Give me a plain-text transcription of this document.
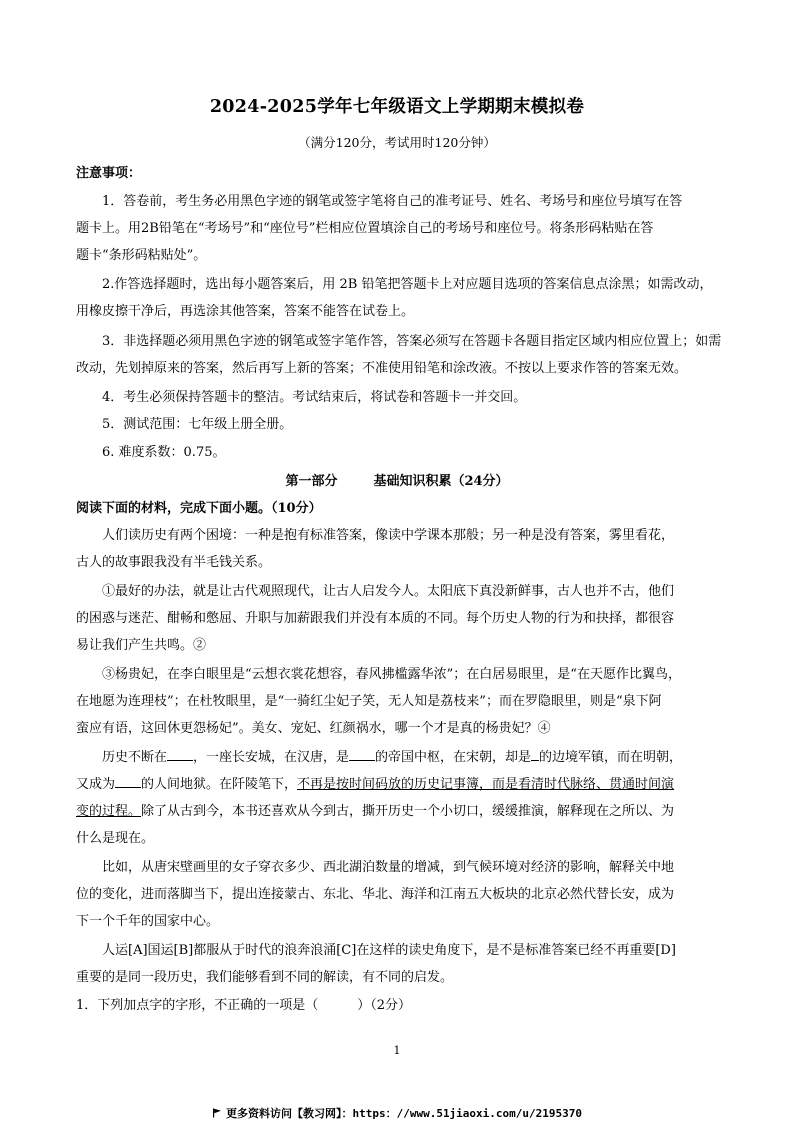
2024-2025学年七年级语文上学期期末模拟卷
（满分120分，考试用时120分钟）
注意事项：
1．答卷前，考生务必用黑色字迹的钢笔或签字笔将自己的准考证号、姓名、考场号和座位号填写在答
题卡上。用2B铅笔在“考场号”和“座位号”栏相应位置填涂自己的考场号和座位号。将条形码粘贴在答
题卡“条形码粘贴处”。
2.作答选择题时，选出每小题答案后，用 2B 铅笔把答题卡上对应题目选项的答案信息点涂黑；如需改动，
用橡皮擦干净后，再选涂其他答案，答案不能答在试卷上。
3．非选择题必须用黑色字迹的钢笔或签字笔作答，答案必须写在答题卡各题目指定区域内相应位置上；如需
改动，先划掉原来的答案，然后再写上新的答案；不准使用铅笔和涂改液。不按以上要求作答的答案无效。
4．考生必须保持答题卡的整洁。考试结束后，将试卷和答题卡一并交回。
5．测试范围：七年级上册全册。
6. 难度系数：0.75。
第一部分	基础知识积累（24分）
阅读下面的材料，完成下面小题。（10分）
人们读历史有两个困境：一种是抱有标准答案，像读中学课本那般；另一种是没有答案，雾里看花，
古人的故事跟我没有半毛钱关系。
①最好的办法，就是让古代观照现代，让古人启发今人。太阳底下真没新鲜事，古人也并不古，他们
的困惑与迷茫、酣畅和憋屈、升职与加薪跟我们并没有本质的不同。每个历史人物的行为和抉择，都很容
易让我们产生共鸣。②
③杨贵妃，在李白眼里是“云想衣裳花想容，春风拂槛露华浓”；在白居易眼里，是“在天愿作比翼鸟，
在地愿为连理枝”；在杜牧眼里，是“一骑红尘妃子笑，无人知是荔枝来”；而在罗隐眼里，则是“泉下阿
蛮应有语，这回休更怨杨妃”。美女、宠妃、红颜祸水，哪一个才是真的杨贵妃？④
历史不断在 ，一座长安城，在汉唐，是 的帝国中枢，在宋朝，却是 的边境军镇，而在明朝，
又成为 的人间地狱。在阡陵笔下，不再是按时间码放的历史记事簿，而是看清时代脉络、贯通时间演
变的过程。除了从古到今，本书还喜欢从今到古，撕开历史一个小切口，缓缓推演，解释现在之所以、为
什么是现在。
比如，从唐宋壁画里的女子穿衣多少、西北湖泊数量的增减，到气候环境对经济的影响，解释关中地
位的变化，进而落脚当下，提出连接蒙古、东北、华北、海洋和江南五大板块的北京必然代替长安，成为
下一个千年的国家中心。
人运[A]国运[B]都服从于时代的浪奔浪涌[C]在这样的读史角度下，是不是标准答案已经不再重要[D]
重要的是同一段历史，我们能够看到不同的解读，有不同的启发。
1．下列加点字的字形，不正确的一项是（　　　）（2分）
1
更多资料访问【教习网】：https：//www.51jiaoxi.com/u/2195370
